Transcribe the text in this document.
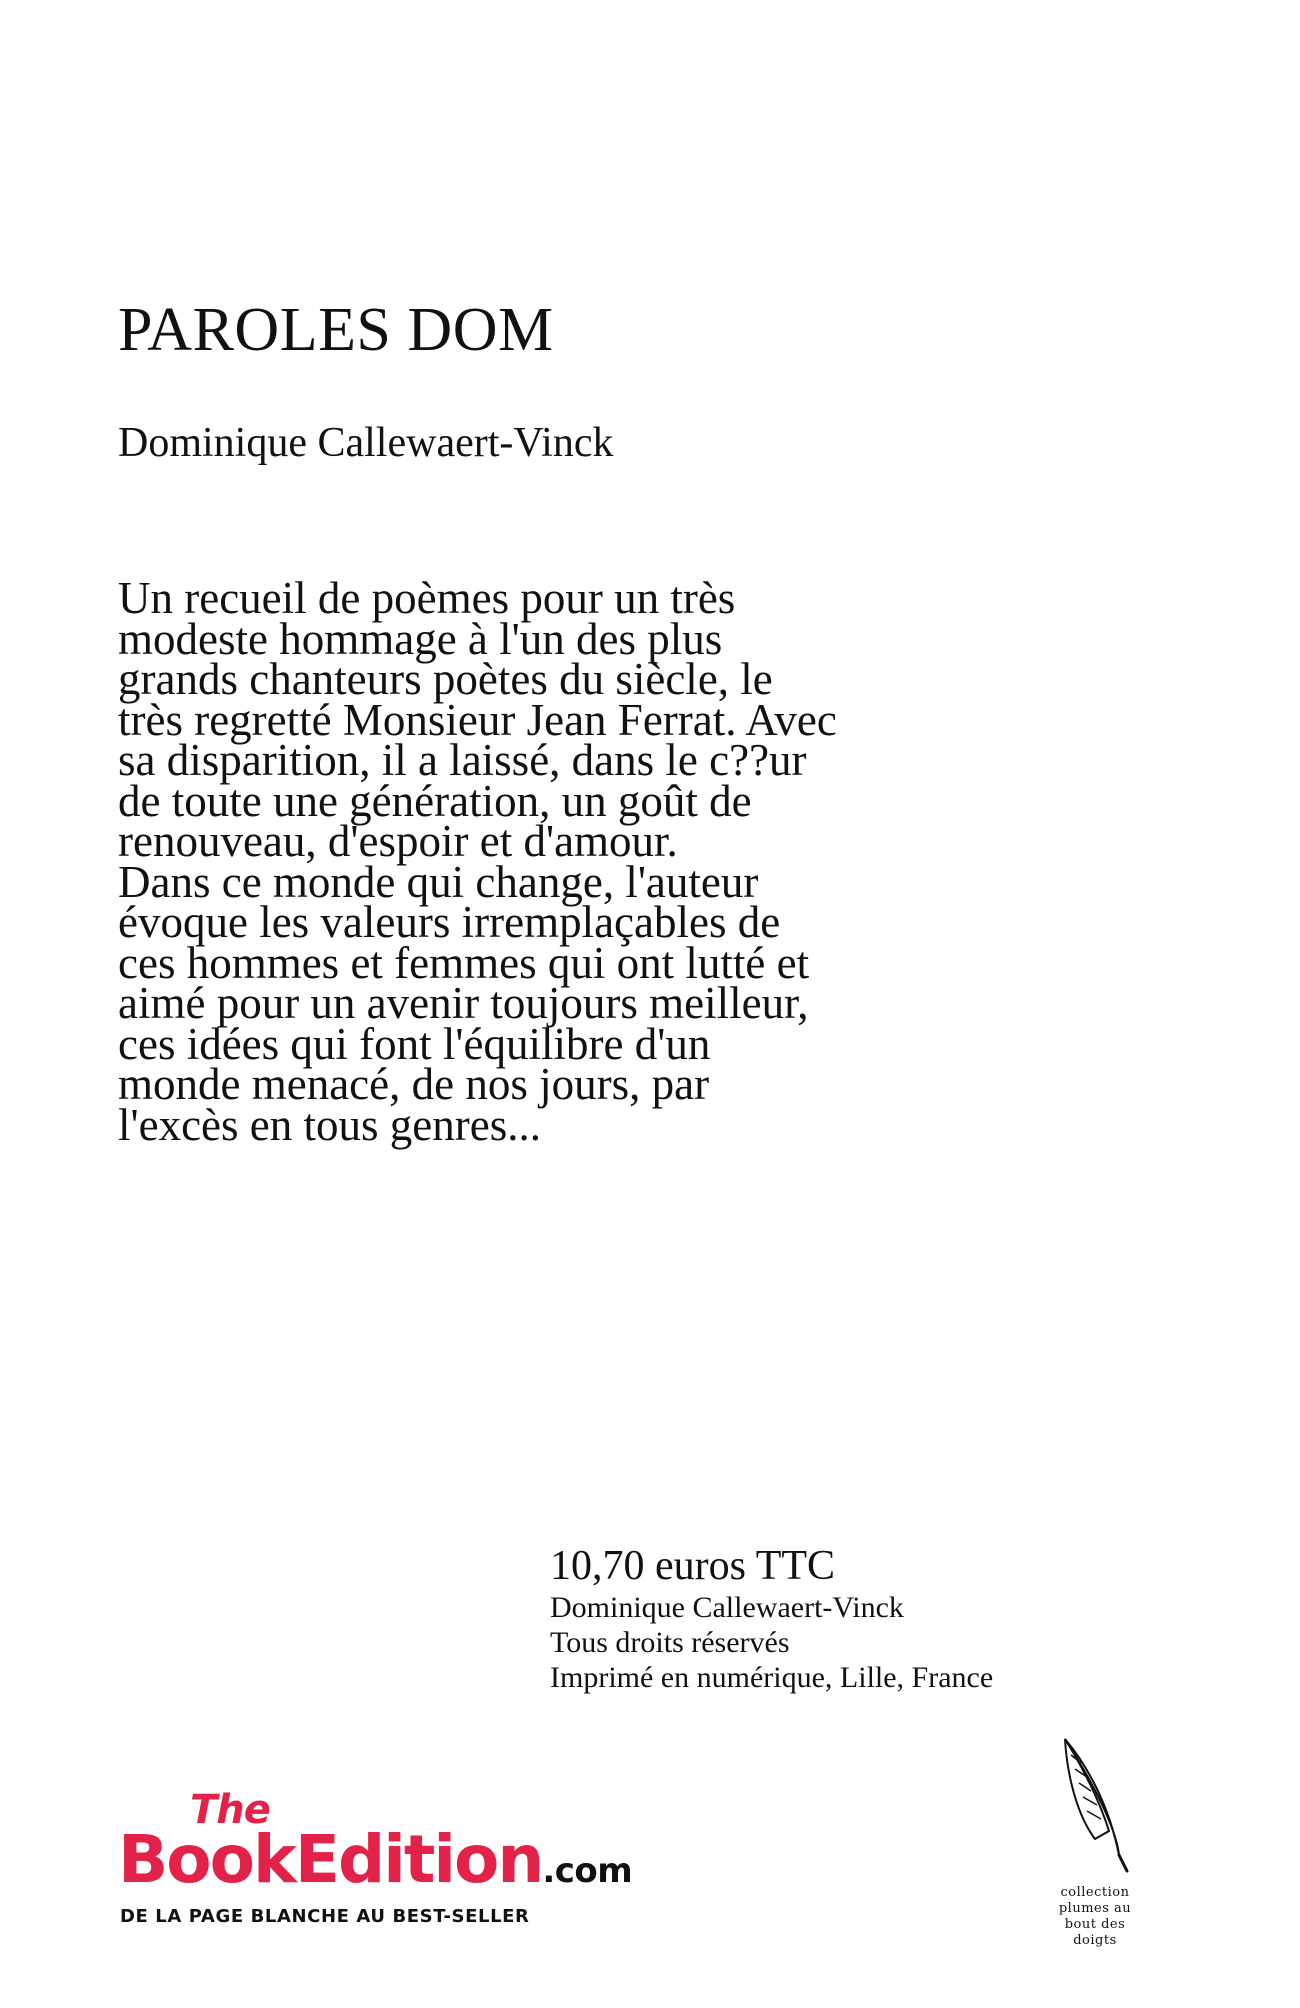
PAROLES DOM
Dominique Callewaert-Vinck
Un recueil de poèmes pour un très
modeste hommage à l'un des plus
grands chanteurs poètes du siècle, le
très regretté Monsieur Jean Ferrat. Avec
sa disparition, il a laissé, dans le c??ur
de toute une génération, un goût de
renouveau, d'espoir et d'amour.
Dans ce monde qui change, l'auteur
évoque les valeurs irremplaçables de
ces hommes et femmes qui ont lutté et
aimé pour un avenir toujours meilleur,
ces idées qui font l'équilibre d'un
monde menacé, de nos jours, par
l'excès en tous genres...
10,70 euros TTC
Dominique Callewaert-Vinck
Tous droits réservés
Imprimé en numérique, Lille, France
The
BookEdition.com
DE LA PAGE BLANCHE AU BEST-SELLER
collection
plumes au
bout des
doigts
